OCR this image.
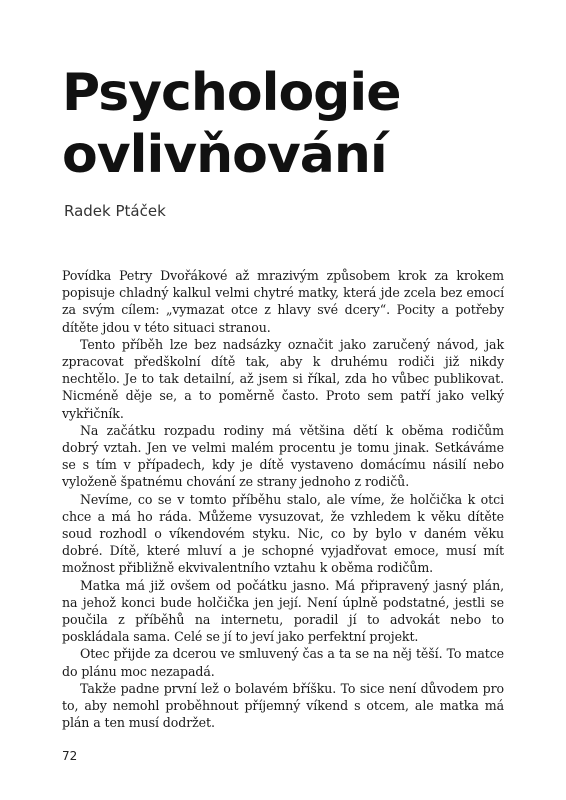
Psychologie ovlivňování

Radek Ptáček

Povídka Petry Dvořákové až mrazivým způsobem krok za krokem popisuje chladný kalkul velmi chytré matky, která jde zcela bez emocí za svým cílem: „vymazat otce z hlavy své dcery“. Pocity a potřeby dítěte jdou v této situaci stranou.

Tento příběh lze bez nadsázky označit jako zaručený návod, jak zpracovat předškolní dítě tak, aby k druhému rodiči již nikdy nechtělo. Je to tak detailní, až jsem si říkal, zda ho vůbec publikovat. Nicméně děje se, a to poměrně často. Proto sem patří jako velký vykřičník.

Na začátku rozpadu rodiny má většina dětí k oběma rodičům dobrý vztah. Jen ve velmi malém procentu je tomu jinak. Setkáváme se s tím v případech, kdy je dítě vystaveno domácímu násilí nebo vyloženě špatnému chování ze strany jednoho z rodičů.

Nevíme, co se v tomto příběhu stalo, ale víme, že holčička k otci chce a má ho ráda. Můžeme vysuzovat, že vzhledem k věku dítěte soud rozhodl o víkendovém styku. Nic, co by bylo v daném věku dobré. Dítě, které mluví a je schopné vyjadřovat emoce, musí mít možnost přibližně ekvivalentního vztahu k oběma rodičům.

Matka má již ovšem od počátku jasno. Má připravený jasný plán, na jehož konci bude holčička jen její. Není úplně podstatné, jestli se poučila z příběhů na internetu, poradil jí to advokát nebo to poskládala sama. Celé se jí to jeví jako perfektní projekt.

Otec přijde za dcerou ve smluvený čas a ta se na něj těší. To matce do plánu moc nezapadá.

Takže padne první lež o bolavém bříšku. To sice není důvodem pro to, aby nemohl proběhnout příjemný víkend s otcem, ale matka má plán a ten musí dodržet.

72
